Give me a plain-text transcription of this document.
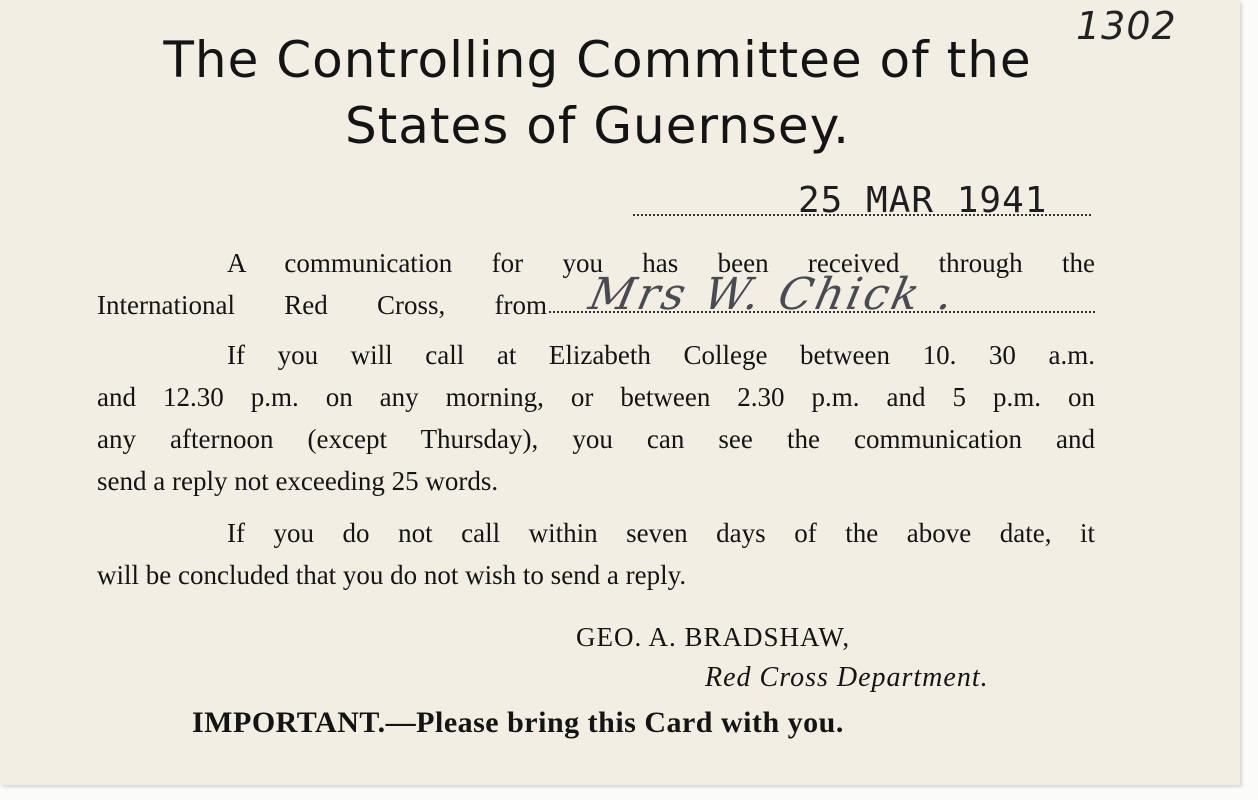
1302
The Controlling Committee of the
States of Guernsey.
25 MAR 1941
A communication for you has been received through the
International Red Cross, from Mrs W. Chick .
If you will call at Elizabeth College between 10. 30 a.m.
and 12.30 p.m. on any morning, or between 2.30 p.m. and 5 p.m. on
any afternoon (except Thursday), you can see the communication and
send a reply not exceeding 25 words.
If you do not call within seven days of the above date, it
will be concluded that you do not wish to send a reply.
GEO. A. BRADSHAW,
Red Cross Department.
IMPORTANT.—Please bring this Card with you.
